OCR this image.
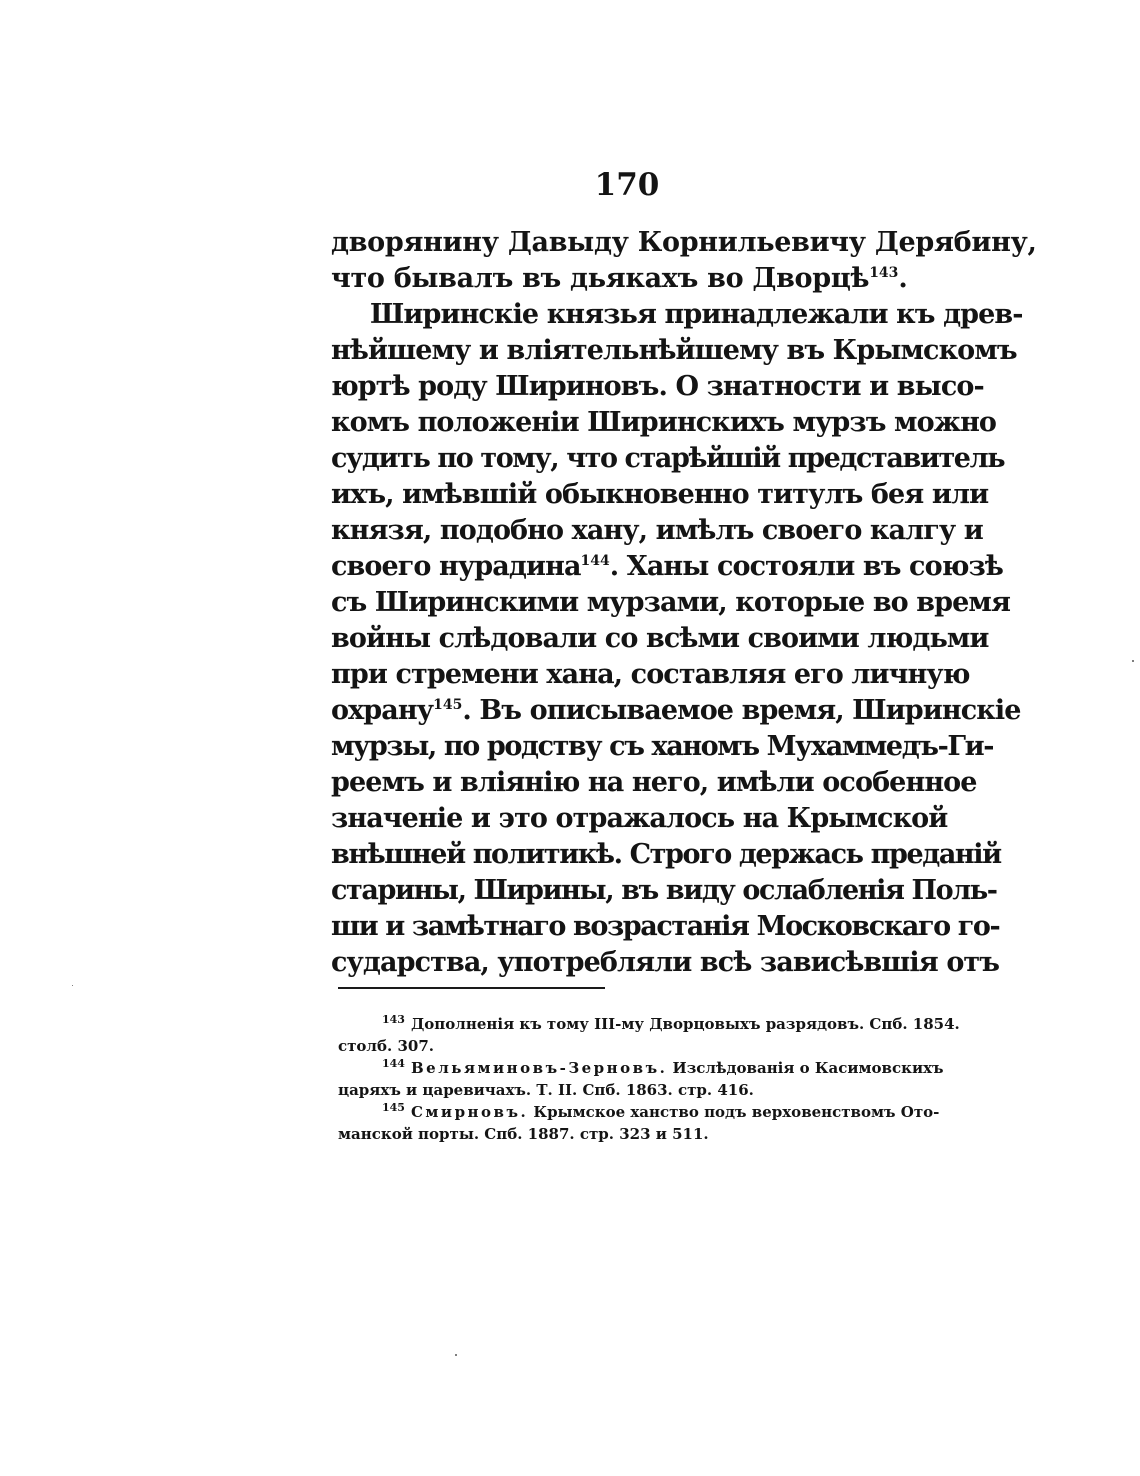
170

дворянину Давыду Корнильевичу Дерябину,

что бывалъ въ дьякахъ во Дворцѣ$^{143}$.

Ширинскіе князья принадлежали къ древ-

нѣйшему и влiятельнѣйшему въ Крымскомъ

юртѣ роду Шириновъ. О знатности и высо-

комъ положенiи Ширинскихъ мурзъ можно

судить по тому, что старѣйшій представитель

ихъ, имѣвшій обыкновенно титулъ бея или

князя, подобно хану, имѣлъ своего калгу и

своего нурадина$^{144}$. Ханы состояли въ союзѣ

съ Ширинскими мурзами, которые во время

войны слѣдовали со всѣми своими людьми

при стремени хана, составляя его личную

охрану$^{145}$. Въ описываемое время, Ширинскіе

мурзы, по родству съ ханомъ Мухаммедъ-Ги-

реемъ и влiянiю на него, имѣли особенное

значенiе и это отражалось на Крымской

внѣшней политикѣ. Строго держась преданій

старины, Ширины, въ виду ослабленія Поль-

ши и замѣтнаго возрастанія Московскаго го-

сударства, употребляли всѣ зависѣвшiя отъ

$^{143}$ Дополненія къ тому III-му Дворцовыхъ разрядовъ. Спб. 1854.

столб. 307.

$^{144}$ Вельяминовъ-Зерновъ. Изслѣдованія о Касимовскихъ

царяхъ и царевичахъ. Т. II. Спб. 1863. стр. 416.

$^{145}$ Смирновъ. Крымское ханство подъ верховенствомъ Ото-

манской порты. Спб. 1887. стр. 323 и 511.
